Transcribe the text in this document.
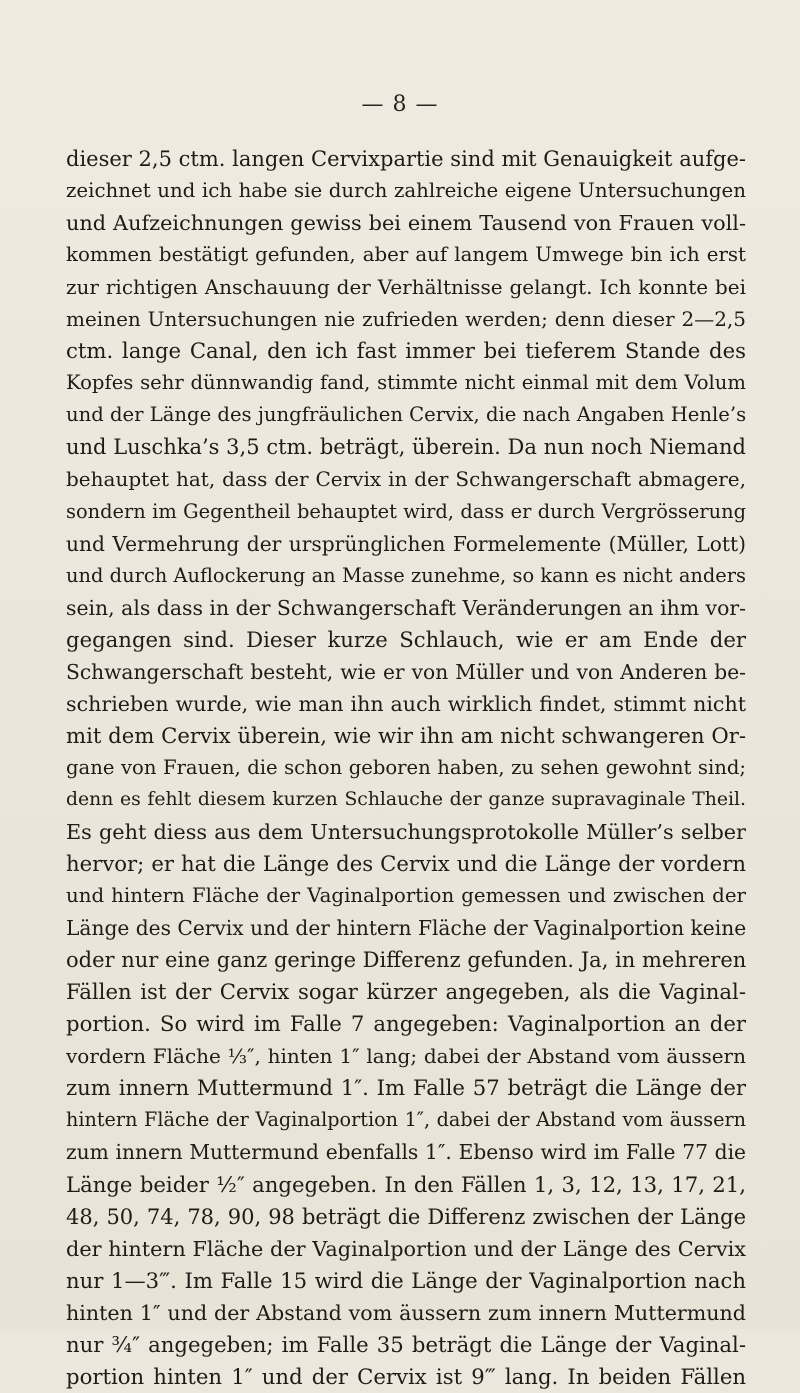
— 8 —
dieser 2,5 ctm. langen Cervixpartie sind mit Genauigkeit aufge-
zeichnet und ich habe sie durch zahlreiche eigene Untersuchungen
und Aufzeichnungen gewiss bei einem Tausend von Frauen voll-
kommen bestätigt gefunden, aber auf langem Umwege bin ich erst
zur richtigen Anschauung der Verhältnisse gelangt. Ich konnte bei
meinen Untersuchungen nie zufrieden werden; denn dieser 2—2,5
ctm. lange Canal, den ich fast immer bei tieferem Stande des
Kopfes sehr dünnwandig fand, stimmte nicht einmal mit dem Volum
und der Länge des jungfräulichen Cervix, die nach Angaben Henle’s
und Luschka’s 3,5 ctm. beträgt, überein. Da nun noch Niemand
behauptet hat, dass der Cervix in der Schwangerschaft abmagere,
sondern im Gegentheil behauptet wird, dass er durch Vergrösserung
und Vermehrung der ursprünglichen Formelemente (Müller, Lott)
und durch Auflockerung an Masse zunehme, so kann es nicht anders
sein, als dass in der Schwangerschaft Veränderungen an ihm vor-
gegangen sind. Dieser kurze Schlauch, wie er am Ende der
Schwangerschaft besteht, wie er von Müller und von Anderen be-
schrieben wurde, wie man ihn auch wirklich findet, stimmt nicht
mit dem Cervix überein, wie wir ihn am nicht schwangeren Or-
gane von Frauen, die schon geboren haben, zu sehen gewohnt sind;
denn es fehlt diesem kurzen Schlauche der ganze supravaginale Theil.
Es geht diess aus dem Untersuchungsprotokolle Müller’s selber
hervor; er hat die Länge des Cervix und die Länge der vordern
und hintern Fläche der Vaginalportion gemessen und zwischen der
Länge des Cervix und der hintern Fläche der Vaginalportion keine
oder nur eine ganz geringe Differenz gefunden. Ja, in mehreren
Fällen ist der Cervix sogar kürzer angegeben, als die Vaginal-
portion. So wird im Falle 7 angegeben: Vaginalportion an der
vordern Fläche ⅓″, hinten 1″ lang; dabei der Abstand vom äussern
zum innern Muttermund 1″. Im Falle 57 beträgt die Länge der
hintern Fläche der Vaginalportion 1″, dabei der Abstand vom äussern
zum innern Muttermund ebenfalls 1″. Ebenso wird im Falle 77 die
Länge beider ½″ angegeben. In den Fällen 1, 3, 12, 13, 17, 21,
48, 50, 74, 78, 90, 98 beträgt die Differenz zwischen der Länge
der hintern Fläche der Vaginalportion und der Länge des Cervix
nur 1—3‴. Im Falle 15 wird die Länge der Vaginalportion nach
hinten 1″ und der Abstand vom äussern zum innern Muttermund
nur ¾″ angegeben; im Falle 35 beträgt die Länge der Vaginal-
portion hinten 1″ und der Cervix ist 9‴ lang. In beiden Fällen
